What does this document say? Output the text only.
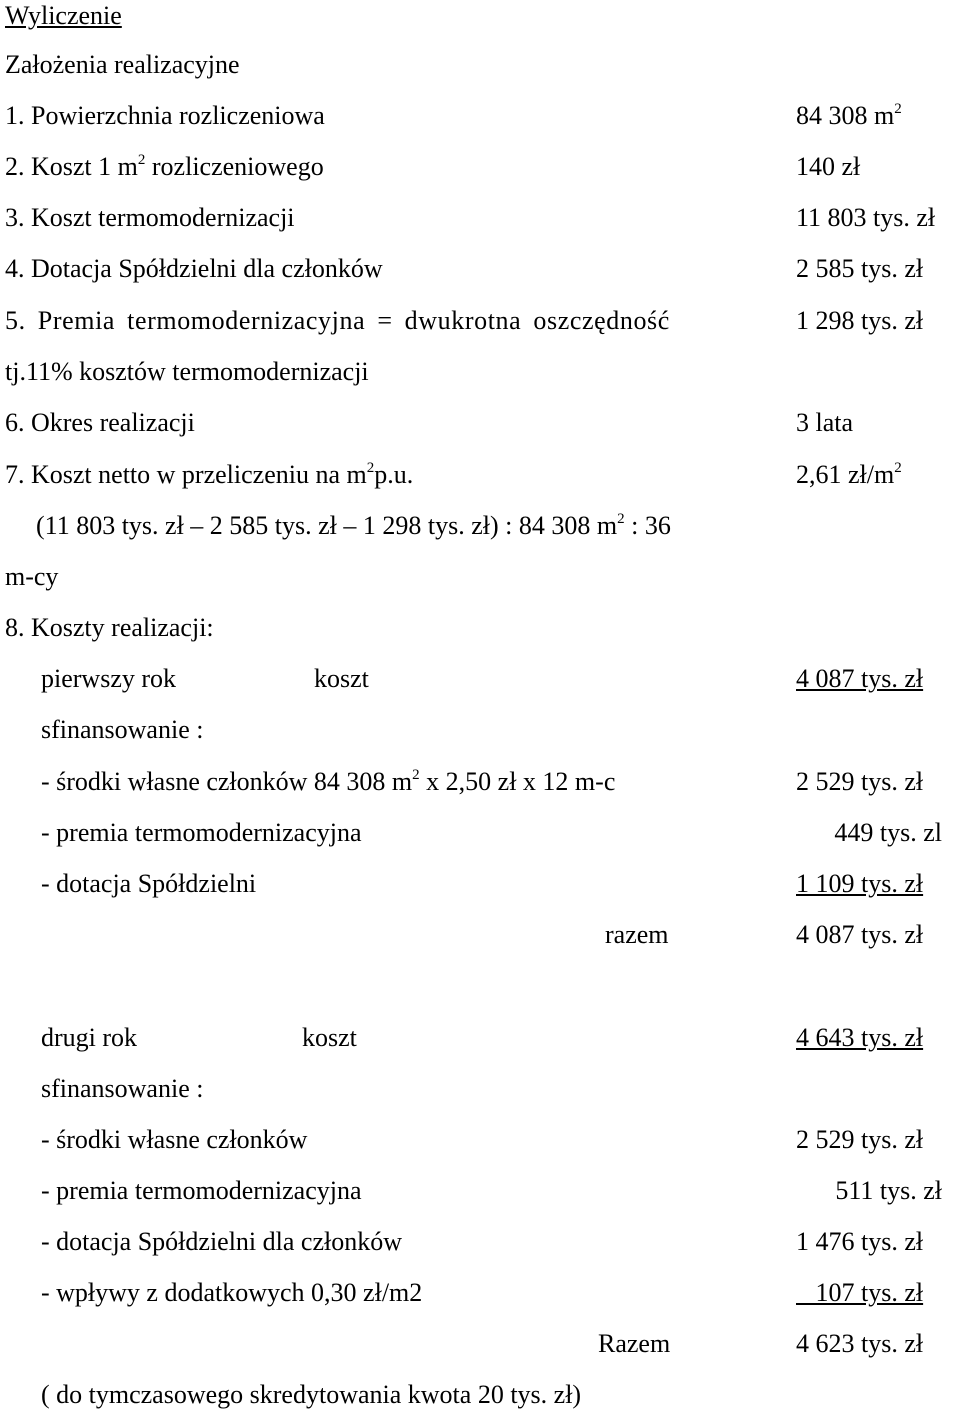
Wyliczenie
Założenia realizacyjne
1. Powierzchnia rozliczeniowa	84 308 $m^2$
2. Koszt 1 $m^2$ rozliczeniowego	140 zł
3. Koszt termomodernizacji	11 803 tys. zł
4. Dotacja Spółdzielni dla członków	2 585 tys. zł
5. Premia termomodernizacyjna = dwukrotna oszczędność	1 298 tys. zł
tj.11% kosztów termomodernizacji
6. Okres realizacji	3 lata
7. Koszt netto w przeliczeniu na $m^2p.u$.	2,61 $zł/m^2$
(11 803 tys. zł – 2 585 tys. zł – 1 298 tys. zł) : 84 308 $m^2$ : 36
m-cy
8. Koszty realizacji:
pierwszy rok	koszt	4 087 tys. zł
sfinansowanie :
- środki własne członków 84 308 $m^2$ x 2,50 zł x 12 m-c	2 529 tys. zł
- premia termomodernizacyjna	449 tys. zl
- dotacja Spółdzielni	1 109 tys. zł
razem	4 087 tys. zł
drugi rok	koszt	4 643 tys. zł
sfinansowanie :
- środki własne członków	2 529 tys. zł
- premia termomodernizacyjna	511 tys. zł
- dotacja Spółdzielni dla członków	1 476 tys. zł
- wpływy z dodatkowych 0,30 zł/m2	107 tys. zł
Razem	4 623 tys. zł
( do tymczasowego skredytowania kwota 20 tys. zł)
